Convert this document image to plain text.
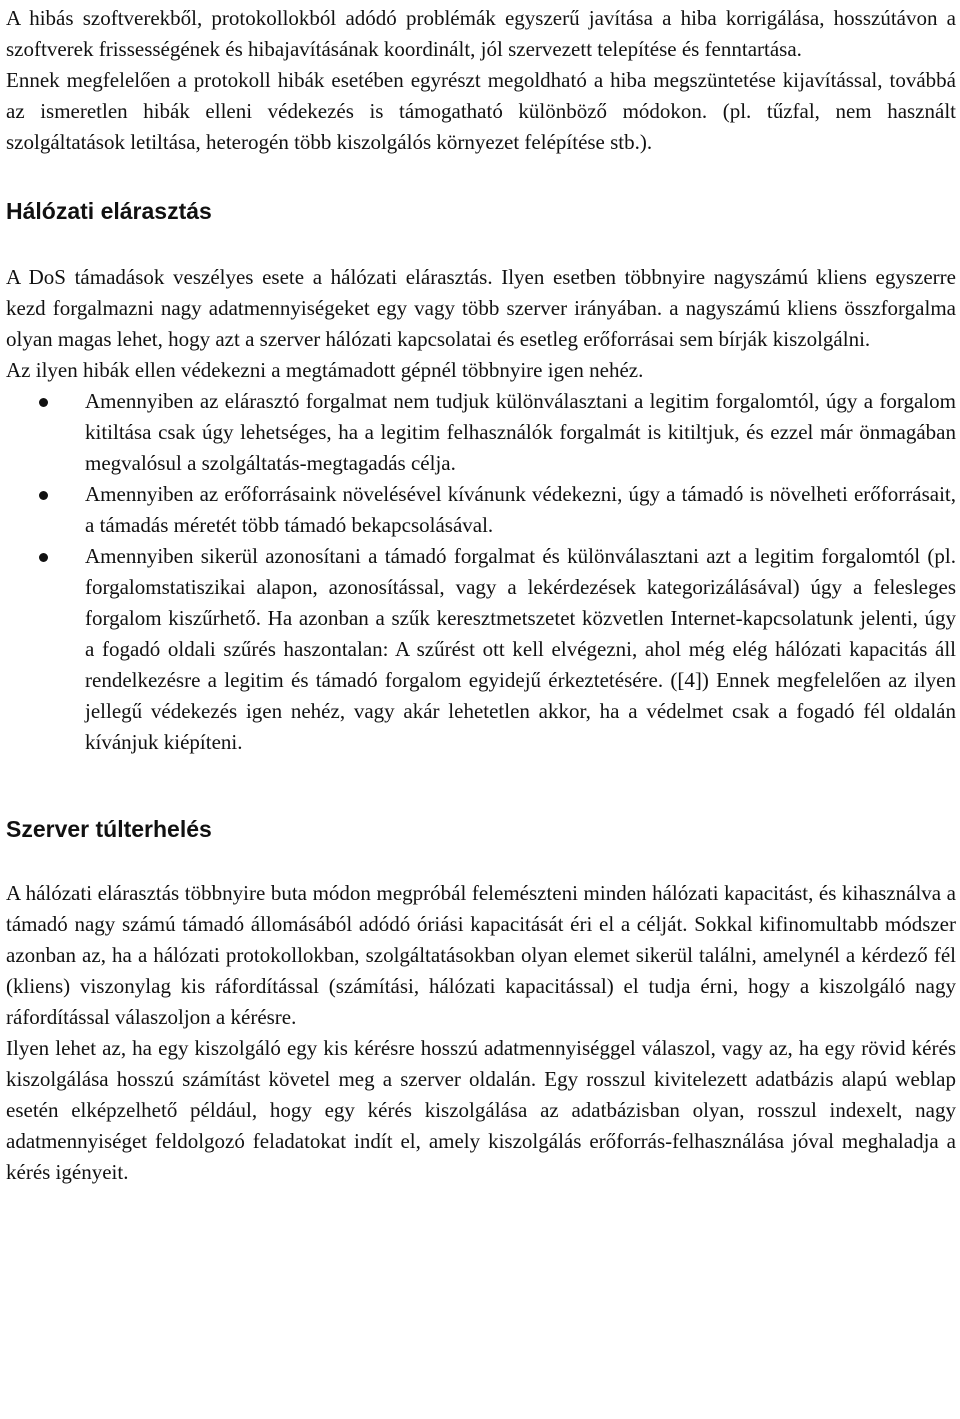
A hibás szoftverekből, protokollokból adódó problémák egyszerű javítása a hiba korrigálása, hosszútávon a szoftverek frissességének és hibajavításának koordinált, jól szervezett telepítése és fenntartása.

Ennek megfelelően a protokoll hibák esetében egyrészt megoldható a hiba megszüntetése kijavítással, továbbá az ismeretlen hibák elleni védekezés is támogatható különböző módokon. (pl. tűzfal, nem használt szolgáltatások letiltása, heterogén több kiszolgálós környezet felépítése stb.).

Hálózati elárasztás

A DoS támadások veszélyes esete a hálózati elárasztás. Ilyen esetben többnyire nagyszámú kliens egyszerre kezd forgalmazni nagy adatmennyiségeket egy vagy több szerver irányában. a nagyszámú kliens összforgalma olyan magas lehet, hogy azt a szerver hálózati kapcsolatai és esetleg erőforrásai sem bírják kiszolgálni.

Az ilyen hibák ellen védekezni a megtámadott gépnél többnyire igen nehéz.

Amennyiben az elárasztó forgalmat nem tudjuk különválasztani a legitim forgalomtól, úgy a forgalom kitiltása csak úgy lehetséges, ha a legitim felhasználók forgalmát is kitiltjuk, és ezzel már önmagában megvalósul a szolgáltatás-megtagadás célja.
Amennyiben az erőforrásaink növelésével kívánunk védekezni, úgy a támadó is növelheti erőforrásait, a támadás méretét több támadó bekapcsolásával.
Amennyiben sikerül azonosítani a támadó forgalmat és különválasztani azt a legitim forgalomtól (pl. forgalomstatiszikai alapon, azonosítással, vagy a lekérdezések kategorizálásával) úgy a felesleges forgalom kiszűrhető. Ha azonban a szűk keresztmetszetet közvetlen Internet-kapcsolatunk jelenti, úgy a fogadó oldali szűrés haszontalan: A szűrést ott kell elvégezni, ahol még elég hálózati kapacitás áll rendelkezésre a legitim és támadó forgalom egyidejű érkeztetésére. ([4]) Ennek megfelelően az ilyen jellegű védekezés igen nehéz, vagy akár lehetetlen akkor, ha a védelmet csak a fogadó fél oldalán kívánjuk kiépíteni.
Szerver túlterhelés

A hálózati elárasztás többnyire buta módon megpróbál felemészteni minden hálózati kapacitást, és kihasználva a támadó nagy számú támadó állomásából adódó óriási kapacitását éri el a célját. Sokkal kifinomultabb módszer azonban az, ha a hálózati protokollokban, szolgáltatásokban olyan elemet sikerül találni, amelynél a kérdező fél (kliens) viszonylag kis ráfordítással (számítási, hálózati kapacitással) el tudja érni, hogy a kiszolgáló nagy ráfordítással válaszoljon a kérésre.

Ilyen lehet az, ha egy kiszolgáló egy kis kérésre hosszú adatmennyiséggel válaszol, vagy az, ha egy rövid kérés kiszolgálása hosszú számítást követel meg a szerver oldalán. Egy rosszul kivitelezett adatbázis alapú weblap esetén elképzelhető például, hogy egy kérés kiszolgálása az adatbázisban olyan, rosszul indexelt, nagy adatmennyiséget feldolgozó feladatokat indít el, amely kiszolgálás erőforrás-felhasználása jóval meghaladja a kérés igényeit.
